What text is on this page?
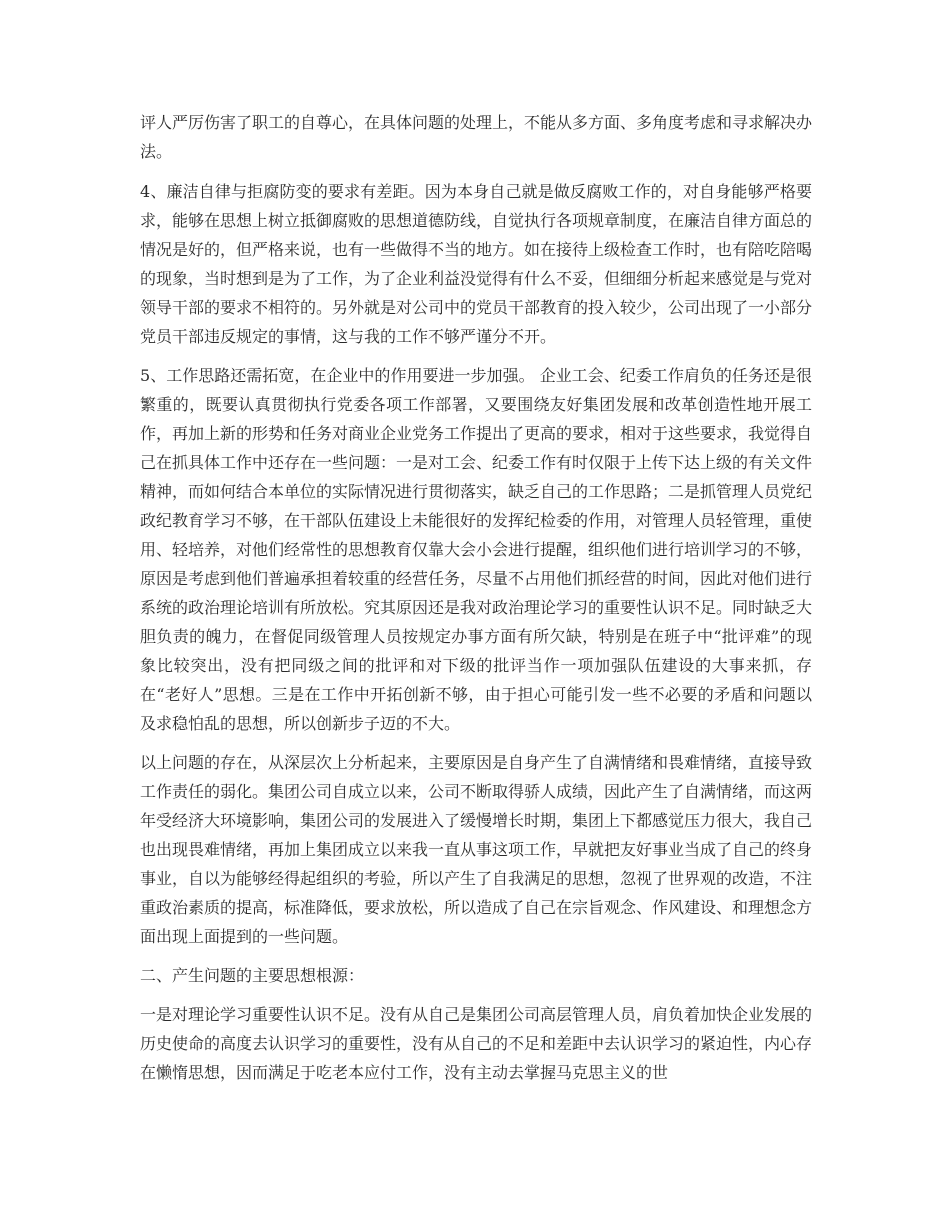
评人严厉伤害了职工的自尊心，在具体问题的处理上，不能从多方面、多角度考虑和寻求解决办法。

4、廉洁自律与拒腐防变的要求有差距。因为本身自己就是做反腐败工作的，对自身能够严格要求，能够在思想上树立抵御腐败的思想道德防线，自觉执行各项规章制度，在廉洁自律方面总的情况是好的，但严格来说，也有一些做得不当的地方。如在接待上级检查工作时，也有陪吃陪喝的现象，当时想到是为了工作，为了企业利益没觉得有什么不妥，但细细分析起来感觉是与党对领导干部的要求不相符的。另外就是对公司中的党员干部教育的投入较少，公司出现了一小部分党员干部违反规定的事情，这与我的工作不够严谨分不开。

5、工作思路还需拓宽，在企业中的作用要进一步加强。 企业工会、纪委工作肩负的任务还是很繁重的，既要认真贯彻执行党委各项工作部署，又要围绕友好集团发展和改革创造性地开展工作，再加上新的形势和任务对商业企业党务工作提出了更高的要求，相对于这些要求，我觉得自己在抓具体工作中还存在一些问题：一是对工会、纪委工作有时仅限于上传下达上级的有关文件精神，而如何结合本单位的实际情况进行贯彻落实，缺乏自己的工作思路；二是抓管理人员党纪政纪教育学习不够，在干部队伍建设上未能很好的发挥纪检委的作用，对管理人员轻管理，重使用、轻培养，对他们经常性的思想教育仅靠大会小会进行提醒，组织他们进行培训学习的不够，原因是考虑到他们普遍承担着较重的经营任务，尽量不占用他们抓经营的时间，因此对他们进行系统的政治理论培训有所放松。究其原因还是我对政治理论学习的重要性认识不足。同时缺乏大胆负责的魄力，在督促同级管理人员按规定办事方面有所欠缺，特别是在班子中“批评难”的现象比较突出，没有把同级之间的批评和对下级的批评当作一项加强队伍建设的大事来抓，存在“老好人”思想。三是在工作中开拓创新不够，由于担心可能引发一些不必要的矛盾和问题以及求稳怕乱的思想，所以创新步子迈的不大。

以上问题的存在，从深层次上分析起来，主要原因是自身产生了自满情绪和畏难情绪，直接导致工作责任的弱化。集团公司自成立以来，公司不断取得骄人成绩，因此产生了自满情绪，而这两年受经济大环境影响，集团公司的发展进入了缓慢增长时期，集团上下都感觉压力很大，我自己也出现畏难情绪，再加上集团成立以来我一直从事这项工作，早就把友好事业当成了自己的终身事业，自以为能够经得起组织的考验，所以产生了自我满足的思想，忽视了世界观的改造，不注重政治素质的提高，标准降低，要求放松，所以造成了自己在宗旨观念、作风建设、和理想念方面出现上面提到的一些问题。

二、产生问题的主要思想根源：

一是对理论学习重要性认识不足。没有从自己是集团公司高层管理人员，肩负着加快企业发展的历史使命的高度去认识学习的重要性，没有从自己的不足和差距中去认识学习的紧迫性，内心存在懒惰思想，因而满足于吃老本应付工作，没有主动去掌握马克思主义的世
